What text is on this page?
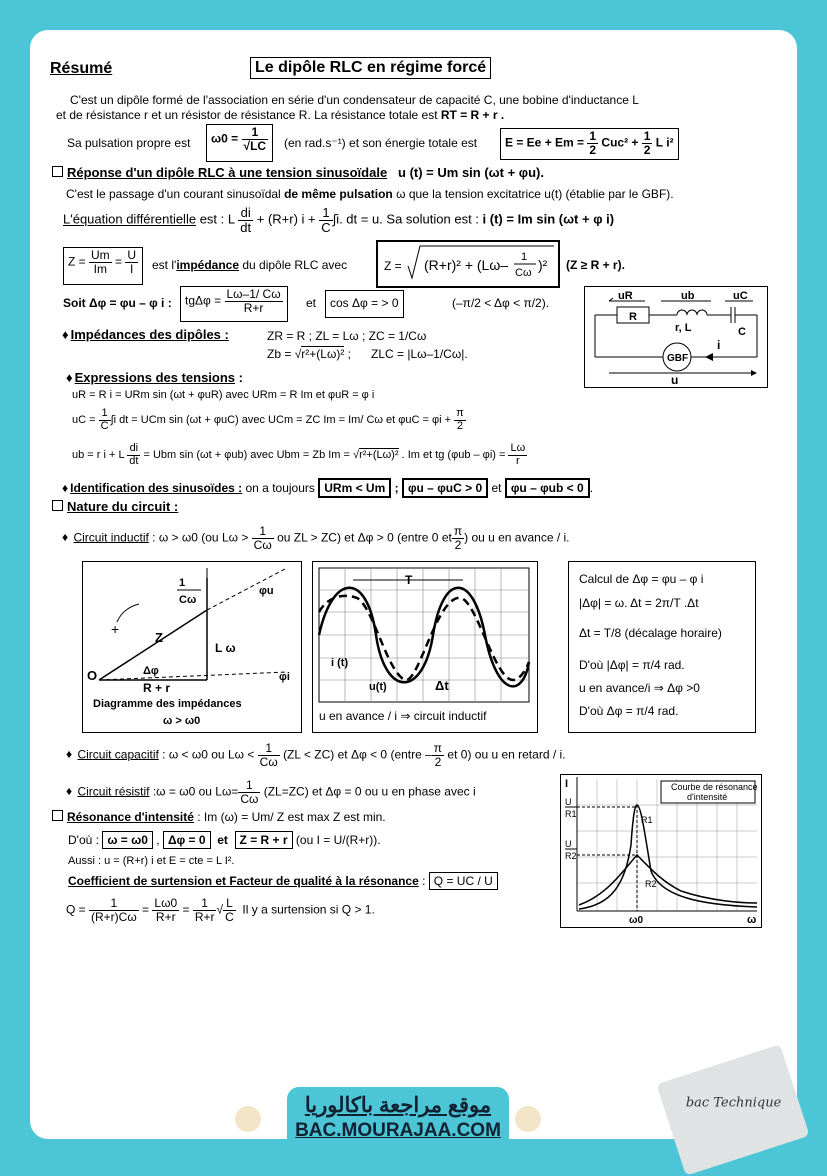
Résumé	Le dipôle RLC en régime forcé
C'est un dipôle formé de l'association en série d'un condensateur de capacité C, une bobine d'inductance L
et de résistance r et un résistor de résistance R. La résistance totale est RT = R + r .
Sa pulsation propre est	$\omega 0 = \frac{1}{√LC} (en$ rad.s⁻¹) et son énergie totale est	$E = Ee + Em = \frac{1}{2} Cuc^2 + \frac{1}{2}$ L i²
Réponse d'un dipôle RLC à une tension sinusoïdale u (t) = Um sin (ωt + φu).
C'est le passage d'un courant sinusoïdal de même pulsation ω que la tension excitatrice u(t) (établie par le GBF).
L'équation différentielle est : L $\frac{di}{dt} + (R+r) i + \frac{1}{C} \int i$. dt = u. Sa solution est : i (t) = Im sin (ωt + φ i)
$Z = \frac{Um}{Im} = \frac{U}{I}$ est l'impédance du dipôle RLC avec	Z = (R+r)² + (Lω– 1
Cω )² (Z ≥ R + r).
Soit Δφ = φu – φ i :	$tg\Delta\varphi = \frac{L\omega-1/ C\omega}{R+r}$ et	cos Δφ = > 0	(–π/2 < Δφ < π/2).	uR	ub	uC
R
r, L	C
GBF
i
u
♦ Impédances des dipôles :	ZR = R ; ZL = Lω ; ZC = 1/Cω
Zb = √r²+(Lω)² ;      ZLC = |Lω–1/Cω|.
♦ Expressions des tensions :
uR = R i = URm sin (ωt + φuR) avec URm = R Im et φuR = φ i
uC = $\frac{1}{C} \int i$ dt = UCm sin (ωt + φuC) avec UCm = ZC Im = Im/ Cω et $\varphi uC = \varphi i + \frac{\pi}{2}$
ub = r i + L $\frac{di}{dt}$ = Ubm sin (ωt + φub) avec Ubm = Zb Im = √r²+(Lω)² . Im et tg $(\varphi ub - \varphi i) = \frac{L\omega}{r}$
♦ Identification des sinusoïdes : on a toujours URm < Um ; φu – φuC > 0 et φu – φub < 0 .
Nature du circuit :
♦ Circuit inductif : ω > ω0 (ou $L\omega > \frac{1}{C\omega}$ ou ZL > ZC) et Δφ > 0 (entre 0 et $\frac{\pi}{2}$ ) ou u en avance / i.
1
Cω
Z
L ω
Δφ
R + r
O
φu
φi
+
Diagramme des impédances
ω > ω0
T
i (t)
u(t)	Δt
u en avance / i ⇒ circuit inductif
Calcul de Δφ = φu – φ i
|Δφ| = ω. Δt = 2π/T .Δt
Δt = T/8 (décalage horaire)
D'où |Δφ| = π/4 rad.
u en avance/i ⇒ Δφ >0
D'où Δφ = π/4 rad.
♦ Circuit capacitif : ω < ω0 ou $L\omega < \frac{1}{C\omega} (ZL < ZC)$ et Δφ < 0 (entre – $\frac{\pi}{2}$ et 0) ou u en retard / i.
♦ Circuit résistif :ω = ω0 ou $L\omega= \frac{1}{C\omega} (ZL=ZC)$ et Δφ = 0 ou u en phase avec i
Résonance d'intensité : Im (ω) = Um/ Z est max Z est min.
D'où : ω = ω0 , Δφ = 0 et Z = R + r (ou I = U/(R+r)).
Aussi : u = (R+r) i et E = cte = L I².
Coefficient de surtension et Facteur de qualité à la résonance : Q = UC / U
$Q = \frac{1}{(R+r)C\omega} = \frac{L\omega 0}{R+r} = \frac{1}{R+r}$ √ $\frac{L}{C}$ Il y a surtension si Q > 1.
I
U
R1
U
R2
Courbe de résonance
d'intensité
R1
R2
ω
ω0
موقع مراجعة باكالوريا
BAC.MOURAJAA.COM
bac Technique
